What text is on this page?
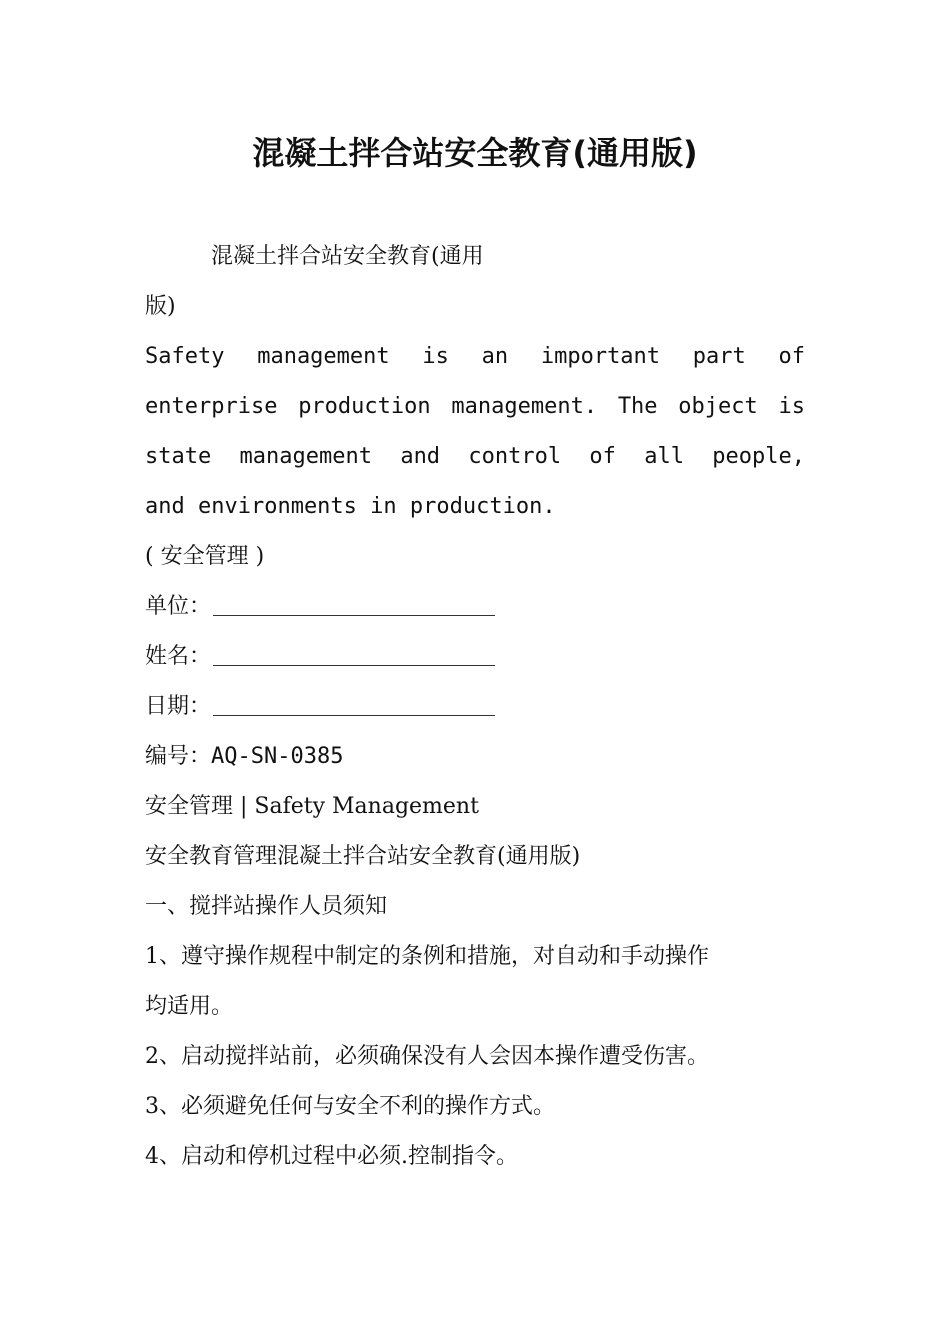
混凝土拌合站安全教育(通用版)
混凝土拌合站安全教育(通用
版)
Safety management is an important part of
enterprise production management. The object is
state management and control of all people,
and environments in production.
( 安全管理 )
单位：
姓名：
日期：
编号：AQ-SN-0385
安全管理 | Safety Management
安全教育管理混凝土拌合站安全教育(通用版)
一、搅拌站操作人员须知
1、遵守操作规程中制定的条例和措施，对自动和手动操作
均适用。
2、启动搅拌站前，必须确保没有人会因本操作遭受伤害。
3、必须避免任何与安全不利的操作方式。
4、启动和停机过程中必须.控制指令。
